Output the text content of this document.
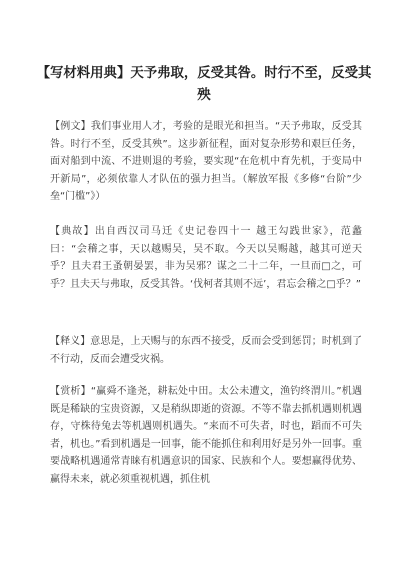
【写材料用典】天予弗取，反受其咎。时行不至，反受其殃

【例文】我们事业用人才，考验的是眼光和担当。“天予弗取，反受其咎。时行不至，反受其殃”。这步新征程，面对复杂形势和艰巨任务，面对船到中流、不进则退的考验，要实现“在危机中育先机，于变局中开新局”，必须依靠人才队伍的强力担当。（解放军报《多修“台阶”少垒“门槛”》）

【典故】出自西汉司马迁《史记卷四十一 越王勾践世家》，范蠡曰：“会稽之事，天以越赐吴，吴不取。今天以吴赐越，越其可逆天乎？且夫君王蚤朝晏罢，非为吴邪？谋之二十二年，一旦而□之，可乎？且夫天与弗取，反受其咎。‘伐柯者其则不远’，君忘会稽之□乎？”

【释义】意思是，上天赐与的东西不接受，反而会受到惩罚；时机到了不行动，反而会遭受灾祸。

【赏析】“赢舜不逢尧，耕耘处中田。太公未遭文，渔钓终渭川。”机遇既是稀缺的宝贵资源，又是稍纵即逝的资源。不等不靠去抓机遇则机遇存，守株待兔去等机遇则机遇失。“来而不可失者，时也，蹈而不可失者，机也。”看到机遇是一回事，能不能抓住和利用好是另外一回事。重要战略机遇通常青睐有机遇意识的国家、民族和个人。要想赢得优势、赢得未来，就必须重视机遇，抓住机
